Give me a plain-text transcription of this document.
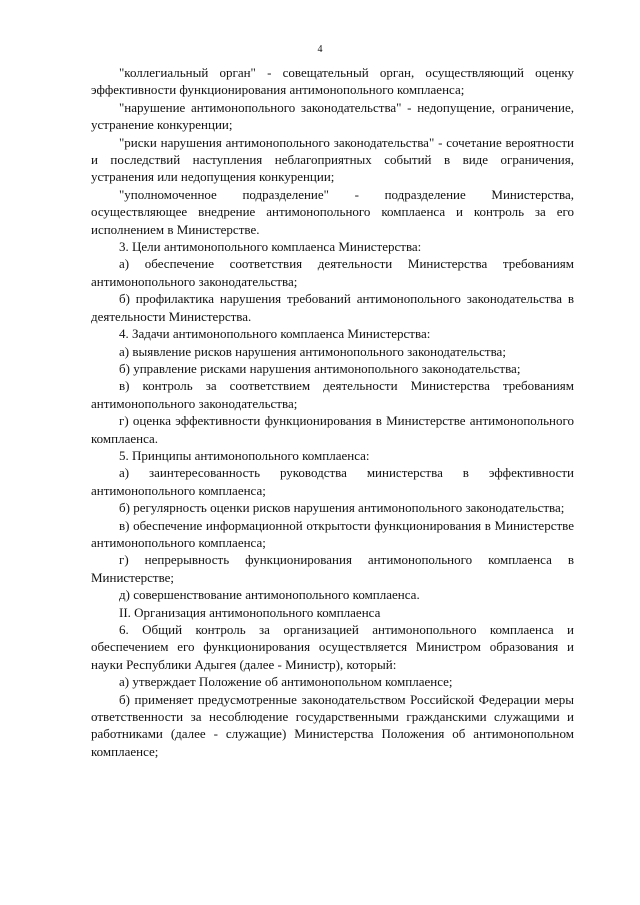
4

"коллегиальный орган" - совещательный орган, осуществляющий оценку эффективности функционирования антимонопольного комплаенса;

"нарушение антимонопольного законодательства" - недопущение, ограничение, устранение конкуренции;

"риски нарушения антимонопольного законодательства" - сочетание вероятности и последствий наступления неблагоприятных событий в виде ограничения, устранения или недопущения конкуренции;

"уполномоченное подразделение" - подразделение Министерства, осуществляющее внедрение антимонопольного комплаенса и контроль за его исполнением в Министерстве.

3. Цели антимонопольного комплаенса Министерства:

а) обеспечение соответствия деятельности Министерства требованиям антимонопольного законодательства;

б) профилактика нарушения требований антимонопольного законодательства в деятельности Министерства.

4. Задачи антимонопольного комплаенса Министерства:

а) выявление рисков нарушения антимонопольного законодательства;

б) управление рисками нарушения антимонопольного законодательства;

в) контроль за соответствием деятельности Министерства требованиям антимонопольного законодательства;

г) оценка эффективности функционирования в Министерстве антимонопольного комплаенса.

5. Принципы антимонопольного комплаенса:

а) заинтересованность руководства министерства в эффективности антимонопольного комплаенса;

б) регулярность оценки рисков нарушения антимонопольного законодательства;

в) обеспечение информационной открытости функционирования в Министерстве антимонопольного комплаенса;

г) непрерывность функционирования антимонопольного комплаенса в Министерстве;

д) совершенствование антимонопольного комплаенса.

II. Организация антимонопольного комплаенса

6. Общий контроль за организацией антимонопольного комплаенса и обеспечением его функционирования осуществляется Министром образования и науки Республики Адыгея (далее - Министр), который:

а) утверждает Положение об антимонопольном комплаенсе;

б) применяет предусмотренные законодательством Российской Федерации меры ответственности за несоблюдение государственными гражданскими служащими и работниками (далее - служащие) Министерства Положения об антимонопольном комплаенсе;
